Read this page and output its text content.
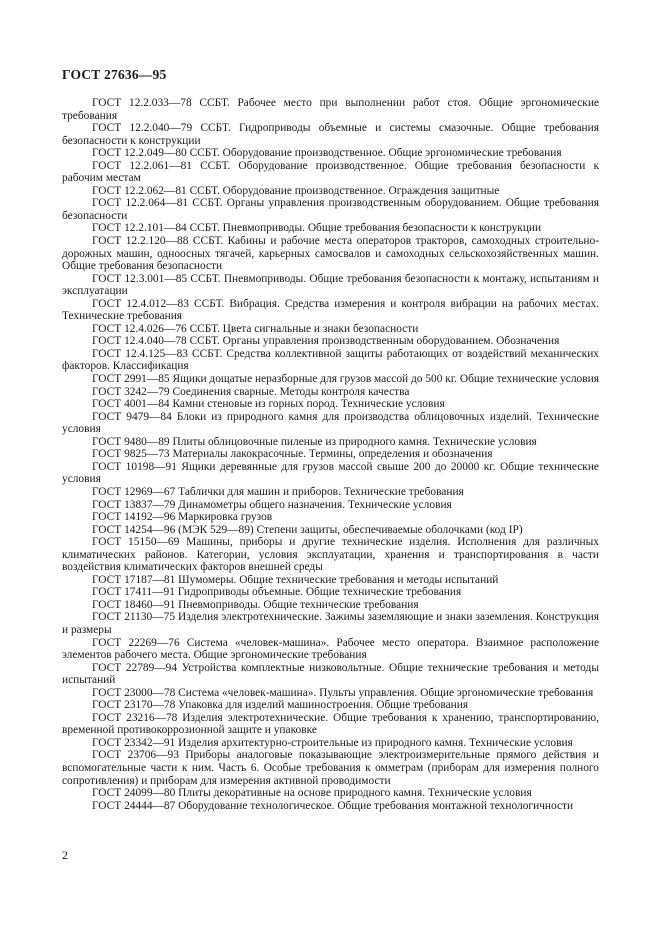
ГОСТ 27636—95

ГОСТ 12.2.033—78 ССБТ. Рабочее место при выполнении работ стоя. Общие эргономические требования

ГОСТ 12.2.040—79 ССБТ. Гидроприводы объемные и системы смазочные. Общие требования безопасности к конструкции

ГОСТ 12.2.049—80 ССБТ. Оборудование производственное. Общие эргономические требования

ГОСТ 12.2.061—81 ССБТ. Оборудование производственное. Общие требования безопасности к рабочим местам

ГОСТ 12.2.062—81 ССБТ. Оборудование производственное. Ограждения защитные

ГОСТ 12.2.064—81 ССБТ. Органы управления производственным оборудованием. Общие требования безопасности

ГОСТ 12.2.101—84 ССБТ. Пневмоприводы. Общие требования безопасности к конструкции

ГОСТ 12.2.120—88 ССБТ. Кабины и рабочие места операторов тракторов, самоходных строительно-дорожных машин, одноосных тягачей, карьерных самосвалов и самоходных сельскохозяйственных машин. Общие требования безопасности

ГОСТ 12.3.001—85 ССБТ. Пневмоприводы. Общие требования безопасности к монтажу, испытаниям и эксплуатации

ГОСТ 12.4.012—83 ССБТ. Вибрация. Средства измерения и контроля вибрации на рабочих местах. Технические требования

ГОСТ 12.4.026—76 ССБТ. Цвета сигнальные и знаки безопасности

ГОСТ 12.4.040—78 ССБТ. Органы управления производственным оборудованием. Обозначения

ГОСТ 12.4.125—83 ССБТ. Средства коллективной защиты работающих от воздействий механических факторов. Классификация

ГОСТ 2991—85 Ящики дощатые неразборные для грузов массой до 500 кг. Общие технические условия

ГОСТ 3242—79 Соединения сварные. Методы контроля качества

ГОСТ 4001—84 Камни стеновые из горных пород. Технические условия

ГОСТ 9479—84 Блоки из природного камня для производства облицовочных изделий. Технические условия

ГОСТ 9480—89 Плиты облицовочные пиленые из природного камня. Технические условия

ГОСТ 9825—73 Материалы лакокрасочные. Термины, определения и обозначения

ГОСТ 10198—91 Ящики деревянные для грузов массой свыше 200 до 20000 кг. Общие технические условия

ГОСТ 12969—67 Таблички для машин и приборов. Технические требования

ГОСТ 13837—79 Динамометры общего назначения. Технические условия

ГОСТ 14192—96 Маркировка грузов

ГОСТ 14254—96 (МЭК 529—89) Степени защиты, обеспечиваемые оболочками (код IP)

ГОСТ 15150—69 Машины, приборы и другие технические изделия. Исполнения для различных климатических районов. Категории, условия эксплуатации, хранения и транспортирования в части воздействия климатических факторов внешней среды

ГОСТ 17187—81 Шумомеры. Общие технические требования и методы испытаний

ГОСТ 17411—91 Гидроприводы объемные. Общие технические требования

ГОСТ 18460—91 Пневмоприводы. Общие технические требования

ГОСТ 21130—75 Изделия электротехнические. Зажимы заземляющие и знаки заземления. Конструкция и размеры

ГОСТ 22269—76 Система «человек-машина». Рабочее место оператора. Взаимное расположение элементов рабочего места. Общие эргономические требования

ГОСТ 22789—94 Устройства комплектные низковольтные. Общие технические требования и методы испытаний

ГОСТ 23000—78 Система «человек-машина». Пульты управления. Общие эргономические требования

ГОСТ 23170—78 Упаковка для изделий машиностроения. Общие требования

ГОСТ 23216—78 Изделия электротехнические. Общие требования к хранению, транспортированию, временной противокоррозионной защите и упаковке

ГОСТ 23342—91 Изделия архитектурно-строительные из природного камня. Технические условия

ГОСТ 23706—93 Приборы аналоговые показывающие электроизмерительные прямого действия и вспомогательные части к ним. Часть 6. Особые требования к омметрам (приборам для измерения полного сопротивления) и приборам для измерения активной проводимости

ГОСТ 24099—80 Плиты декоративные на основе природного камня. Технические условия

ГОСТ 24444—87 Оборудование технологическое. Общие требования монтажной технологичности

2
